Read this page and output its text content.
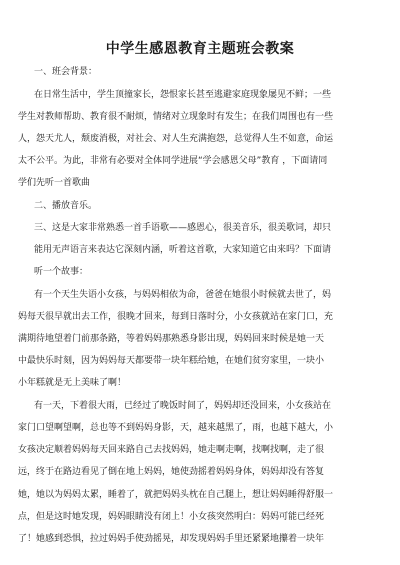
中学生感恩教育主题班会教案
一、班会背景：
在日常生活中，学生顶撞家长，怨恨家长甚至逃避家庭现象屡见不鲜；一些
学生对教师帮助、教育很不耐烦，情绪对立现象时有发生；在我们周围也有一些
人，怨天尤人，颓废消极，对社会、对人生充满抱怨，总觉得人生不如意，命运
太不公平。为此，非常有必要对全体同学进展“学会感恩父母”教育 ，下面请同
学们先听一首歌曲
二、播放音乐。
三、这是大家非常熟悉一首手语歌——感恩心，很美音乐，很美歌词，却只
能用无声语言来表达它深刻内涵，听着这首歌，大家知道它由来吗？下面请
听一个故事：
有一个天生失语小女孩，与妈妈相依为命，爸爸在她很小时候就去世了，妈
妈每天很早就出去工作，很晚才回来，每到日落时分，小女孩就站在家门口，充
满期待地望着门前那条路，等着妈妈那熟悉身影出现，妈妈回来时候是她一天
中最快乐时刻，因为妈妈每天都要带一块年糕给她，在她们贫穷家里，一块小
小年糕就是无上美味了啊！
有一天，下着很大雨，已经过了晚饭时间了，妈妈却还没回来，小女孩站在
家门口望啊望啊，总也等不到妈妈身影，天，越来越黑了，雨，也越下越大，小
女孩决定顺着妈妈每天回来路自己去找妈妈，她走啊走啊，找啊找啊，走了很
远，终于在路边看见了倒在地上妈妈，她使劲摇着妈妈身体，妈妈却没有答复
她，她以为妈妈太累，睡着了，就把妈妈头枕在自己腿上，想让妈妈睡得舒服一
点，但是这时她发现，妈妈眼睛没有闭上！小女孩突然明白：妈妈可能已经死
了！她感到恐惧，拉过妈妈手使劲摇晃，却发现妈妈手里还紧紧地攥着一块年
